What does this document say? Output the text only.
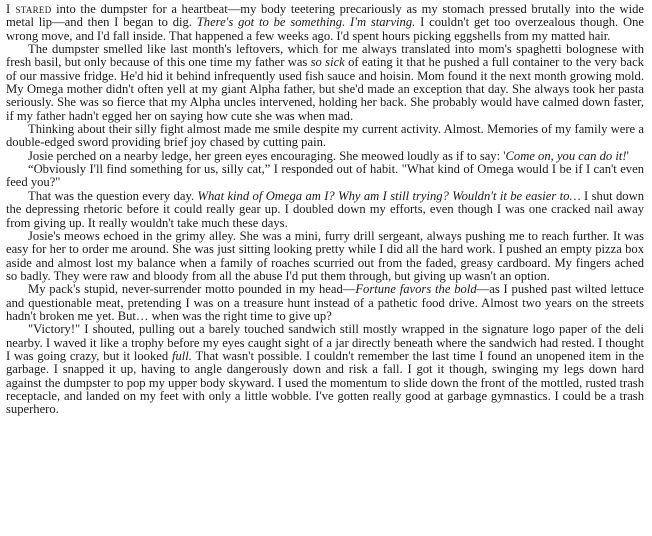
I stared into the dumpster for a heartbeat—my body teetering precariously as my stomach pressed brutally into the wide metal lip—and then I began to dig. There's got to be something. I'm starving. I couldn't get too overzealous though. One wrong move, and I'd fall inside. That happened a few weeks ago. I'd spent hours picking eggshells from my matted hair.

The dumpster smelled like last month's leftovers, which for me always translated into mom's spaghetti bolognese with fresh basil, but only because of this one time my father was so sick of eating it that he pushed a full container to the very back of our massive fridge. He'd hid it behind infrequently used fish sauce and hoisin. Mom found it the next month growing mold. My Omega mother didn't often yell at my giant Alpha father, but she'd made an exception that day. She always took her pasta seriously. She was so fierce that my Alpha uncles intervened, holding her back. She probably would have calmed down faster, if my father hadn't egged her on saying how cute she was when mad.

Thinking about their silly fight almost made me smile despite my current activity. Almost. Memories of my family were a double-edged sword providing brief joy chased by cutting pain.

Josie perched on a nearby ledge, her green eyes encouraging. She meowed loudly as if to say: 'Come on, you can do it!'

“Obviously I'll find something for us, silly cat,” I responded out of habit. "What kind of Omega would I be if I can't even feed you?"

That was the question every day. What kind of Omega am I? Why am I still trying? Wouldn't it be easier to… I shut down the depressing rhetoric before it could really gear up. I doubled down my efforts, even though I was one cracked nail away from giving up. It really wouldn't take much these days.

Josie's meows echoed in the grimy alley. She was a mini, furry drill sergeant, always pushing me to reach further. It was easy for her to order me around. She was just sitting looking pretty while I did all the hard work. I pushed an empty pizza box aside and almost lost my balance when a family of roaches scurried out from the faded, greasy cardboard. My fingers ached so badly. They were raw and bloody from all the abuse I'd put them through, but giving up wasn't an option.

My pack's stupid, never-surrender motto pounded in my head—Fortune favors the bold—as I pushed past wilted lettuce and questionable meat, pretending I was on a treasure hunt instead of a pathetic food drive. Almost two years on the streets hadn't broken me yet. But… when was the right time to give up?

"Victory!" I shouted, pulling out a barely touched sandwich still mostly wrapped in the signature logo paper of the deli nearby. I waved it like a trophy before my eyes caught sight of a jar directly beneath where the sandwich had rested. I thought I was going crazy, but it looked full. That wasn't possible. I couldn't remember the last time I found an unopened item in the garbage. I snapped it up, having to angle dangerously down and risk a fall. I got it though, swinging my legs down hard against the dumpster to pop my upper body skyward. I used the momentum to slide down the front of the mottled, rusted trash receptacle, and landed on my feet with only a little wobble. I've gotten really good at garbage gymnastics. I could be a trash superhero.
